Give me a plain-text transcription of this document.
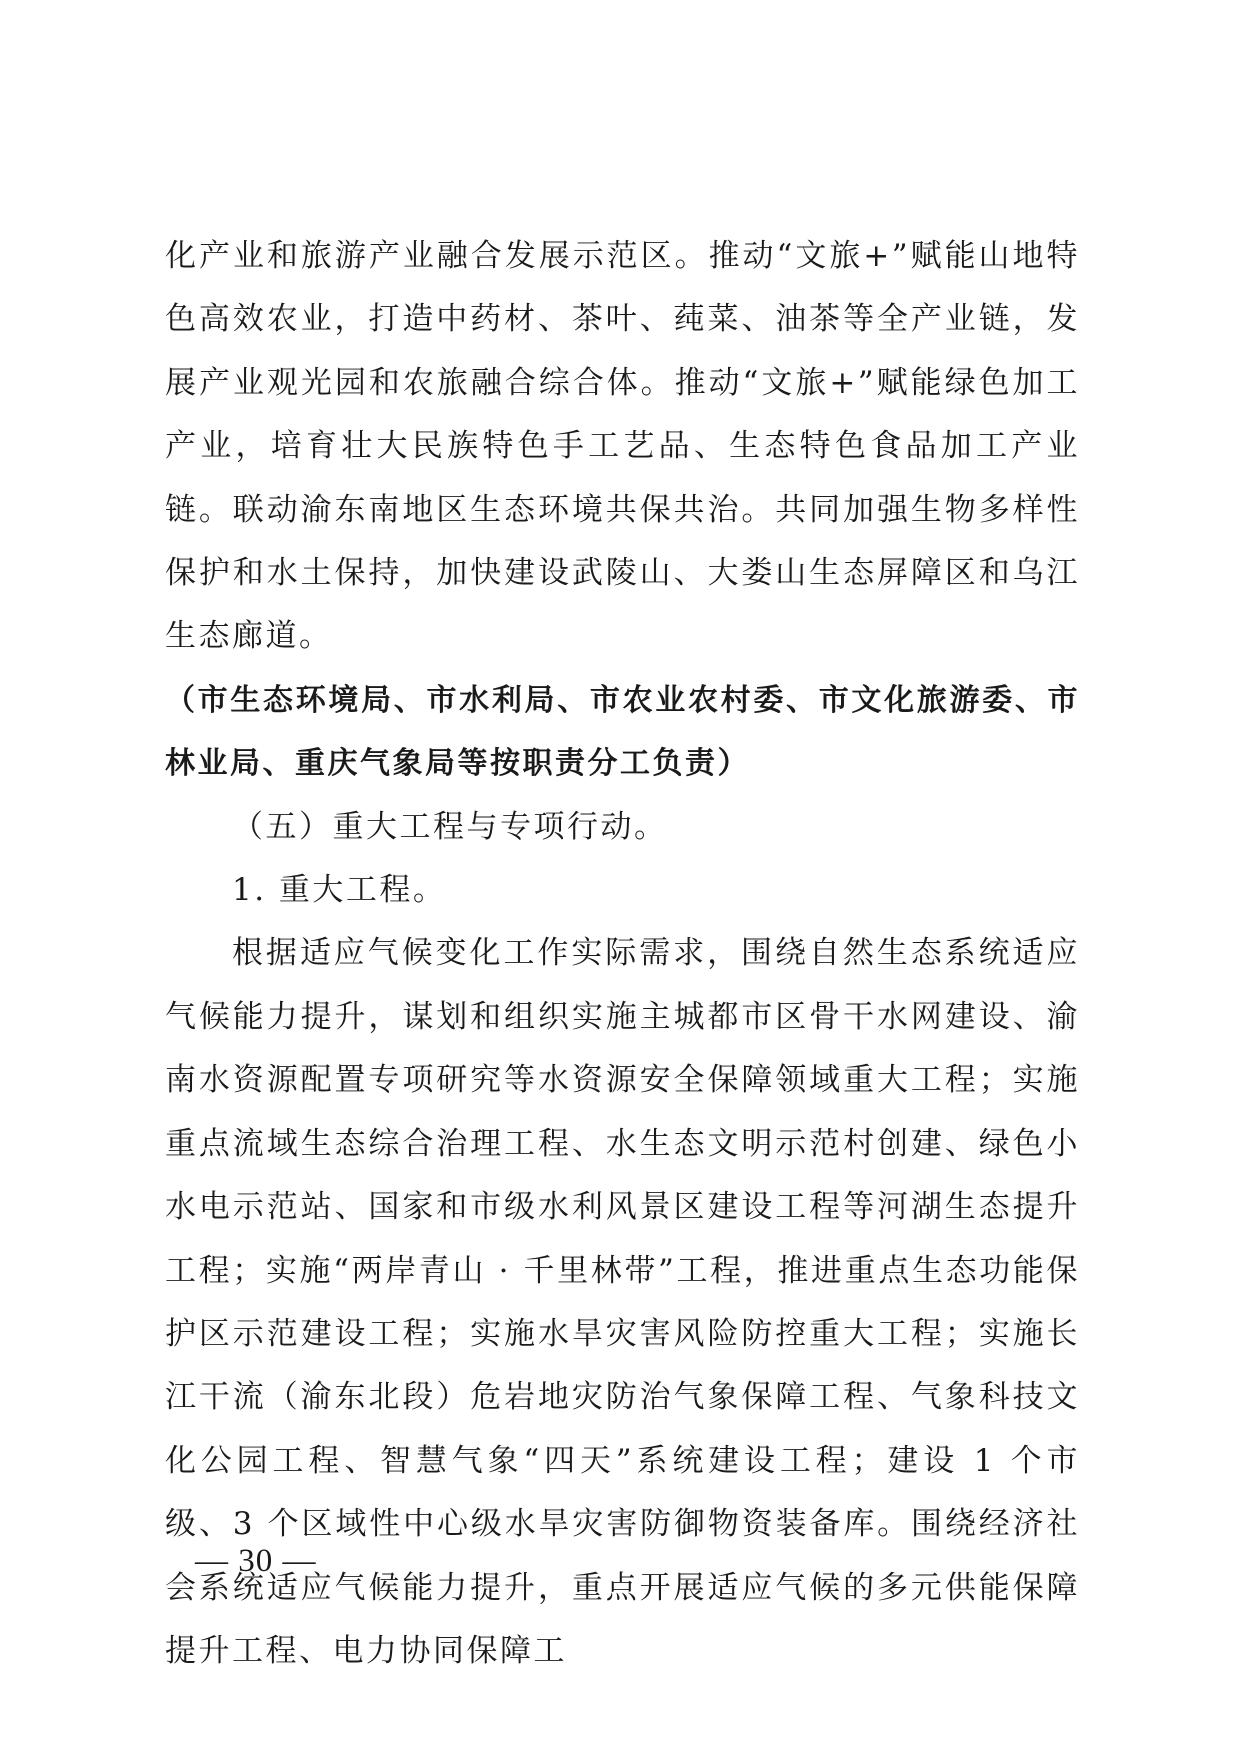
化产业和旅游产业融合发展示范区。推动“文旅+”赋能山地特色高效农业，打造中药材、茶叶、莼菜、油茶等全产业链，发展产业观光园和农旅融合综合体。推动“文旅+”赋能绿色加工产业，培育壮大民族特色手工艺品、生态特色食品加工产业链。联动渝东南地区生态环境共保共治。共同加强生物多样性保护和水土保持，加快建设武陵山、大娄山生态屏障区和乌江生态廊道。

（市生态环境局、市水利局、市农业农村委、市文化旅游委、市林业局、重庆气象局等按职责分工负责）

（五）重大工程与专项行动。

1. 重大工程。

根据适应气候变化工作实际需求，围绕自然生态系统适应气候能力提升，谋划和组织实施主城都市区骨干水网建设、渝南水资源配置专项研究等水资源安全保障领域重大工程；实施重点流域生态综合治理工程、水生态文明示范村创建、绿色小水电示范站、国家和市级水利风景区建设工程等河湖生态提升工程；实施“两岸青山 · 千里林带”工程，推进重点生态功能保护区示范建设工程；实施水旱灾害风险防控重大工程；实施长江干流（渝东北段）危岩地灾防治气象保障工程、气象科技文化公园工程、智慧气象“四天”系统建设工程；建设 1 个市级、3 个区域性中心级水旱灾害防御物资装备库。围绕经济社会系统适应气候能力提升，重点开展适应气候的多元供能保障提升工程、电力协同保障工

— 30 —
